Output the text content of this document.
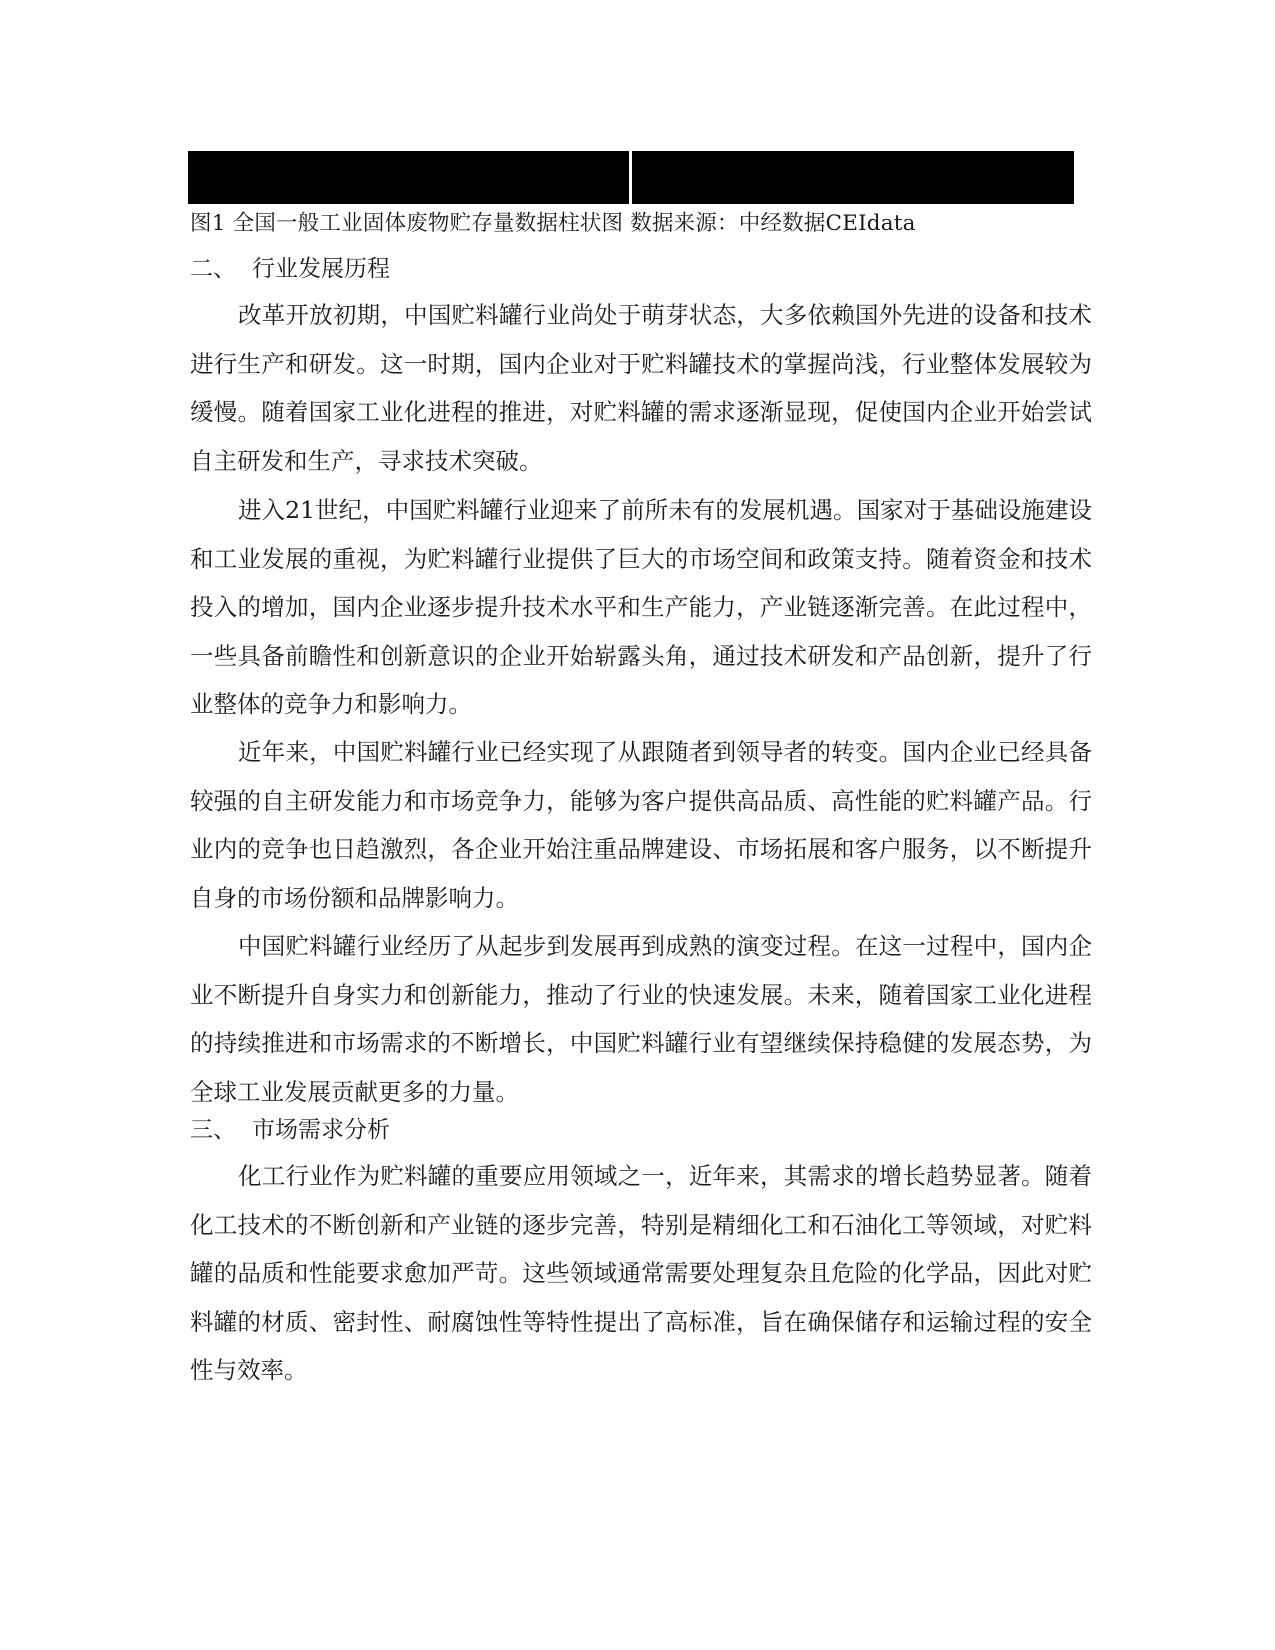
图1 全国一般工业固体废物贮存量数据柱状图 数据来源：中经数据CEIdata
二、 行业发展历程

改革开放初期，中国贮料罐行业尚处于萌芽状态，大多依赖国外先进的设备和技术进行生产和研发。这一时期，国内企业对于贮料罐技术的掌握尚浅，行业整体发展较为缓慢。随着国家工业化进程的推进，对贮料罐的需求逐渐显现，促使国内企业开始尝试自主研发和生产，寻求技术突破。

进入21世纪，中国贮料罐行业迎来了前所未有的发展机遇。国家对于基础设施建设和工业发展的重视，为贮料罐行业提供了巨大的市场空间和政策支持。随着资金和技术投入的增加，国内企业逐步提升技术水平和生产能力，产业链逐渐完善。在此过程中，一些具备前瞻性和创新意识的企业开始崭露头角，通过技术研发和产品创新，提升了行业整体的竞争力和影响力。

近年来，中国贮料罐行业已经实现了从跟随者到领导者的转变。国内企业已经具备较强的自主研发能力和市场竞争力，能够为客户提供高品质、高性能的贮料罐产品。行业内的竞争也日趋激烈，各企业开始注重品牌建设、市场拓展和客户服务，以不断提升自身的市场份额和品牌影响力。

中国贮料罐行业经历了从起步到发展再到成熟的演变过程。在这一过程中，国内企业不断提升自身实力和创新能力，推动了行业的快速发展。未来，随着国家工业化进程的持续推进和市场需求的不断增长，中国贮料罐行业有望继续保持稳健的发展态势，为全球工业发展贡献更多的力量。

三、 市场需求分析

化工行业作为贮料罐的重要应用领域之一，近年来，其需求的增长趋势显著。随着化工技术的不断创新和产业链的逐步完善，特别是精细化工和石油化工等领域，对贮料罐的品质和性能要求愈加严苛。这些领域通常需要处理复杂且危险的化学品，因此对贮料罐的材质、密封性、耐腐蚀性等特性提出了高标准，旨在确保储存和运输过程的安全性与效率。
